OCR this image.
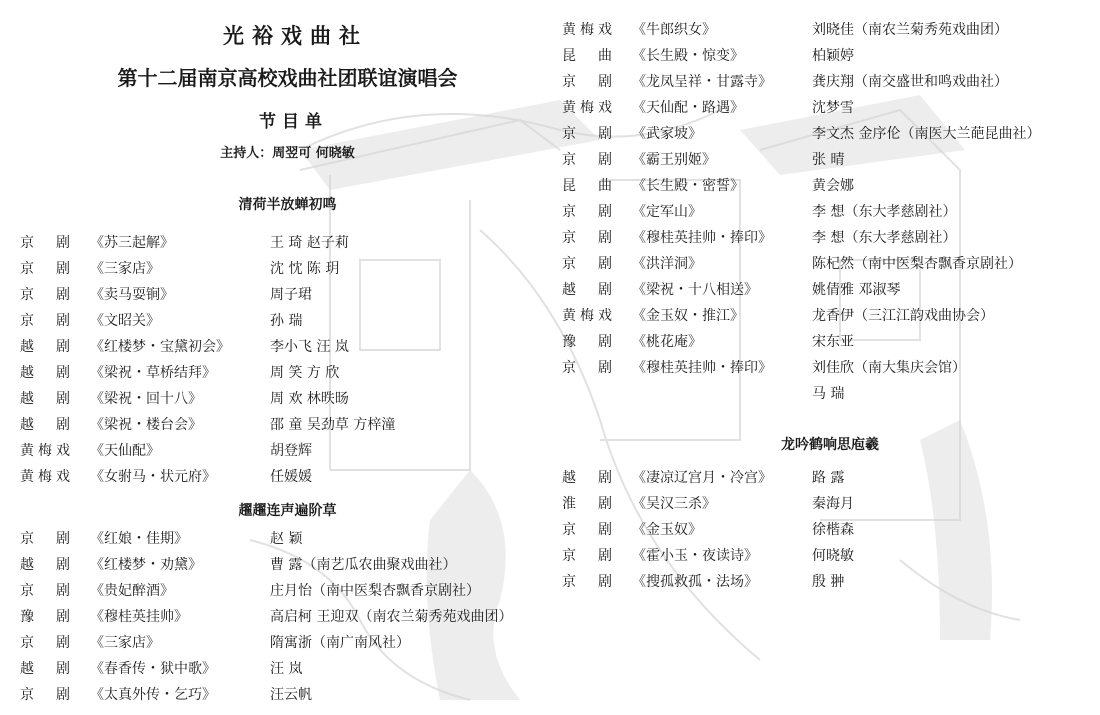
光裕戏曲社
第十二届南京高校戏曲社团联谊演唱会
节目单
主持人：周翌可 何晓敏
清荷半放蝉初鸣
京剧 《苏三起解》	王 琦 赵子莉
京剧 《三家店》	沈 忱 陈 玥
京剧 《卖马耍锏》	周子珺
京剧 《文昭关》	孙 瑞
越剧 《红楼梦・宝黛初会》	李小飞 汪 岚
越剧 《梁祝・草桥结拜》	周 笑 方 欣
越剧 《梁祝・回十八》	周 欢 林昳旸
越剧 《梁祝・楼台会》	邵 童 吴劲草 方梓潼
黄梅戏 《天仙配》	胡登辉
黄梅戏 《女驸马・状元府》	任媛媛
趯趯连声遍阶草
京剧 《红娘・佳期》	赵 颖
越剧 《红楼梦・劝黛》	曹 露（南艺瓜农曲聚戏曲社）
京剧 《贵妃醉酒》	庄月怡（南中医梨杏飘香京剧社）
豫剧 《穆桂英挂帅》	高启柯 王迎双（南农兰菊秀苑戏曲团）
京剧 《三家店》	隋寓浙（南广南风社）
越剧 《春香传・狱中歌》	汪 岚
京剧 《太真外传・乞巧》	汪云帆
黄梅戏 《牛郎织女》	刘晓佳（南农兰菊秀苑戏曲团）
昆曲 《长生殿・惊变》	柏颖婷
京剧 《龙凤呈祥・甘露寺》	龚庆翔（南交盛世和鸣戏曲社）
黄梅戏 《天仙配・路遇》	沈梦雪
京剧 《武家坡》	李文杰 金序伦（南医大兰葩昆曲社）
京剧 《霸王别姬》	张 晴
昆曲 《长生殿・密誓》	黄会娜
京剧 《定军山》	李 想（东大孝慈剧社）
京剧 《穆桂英挂帅・捧印》	李 想（东大孝慈剧社）
京剧 《洪洋洞》	陈杞然（南中医梨杏飘香京剧社）
越剧 《梁祝・十八相送》	姚倩雅 邓淑琴
黄梅戏 《金玉奴・推江》	龙香伊（三江江韵戏曲协会）
豫剧 《桃花庵》	宋东亚
京剧 《穆桂英挂帅・捧印》	刘佳欣（南大集庆会馆）
马 瑞
龙吟鹤响思庖羲
越剧 《凄凉辽宫月・冷宫》	路 露
淮剧 《吴汉三杀》	秦海月
京剧 《金玉奴》	徐楷森
京剧 《霍小玉・夜读诗》	何晓敏
京剧 《搜孤救孤・法场》	殷 翀
